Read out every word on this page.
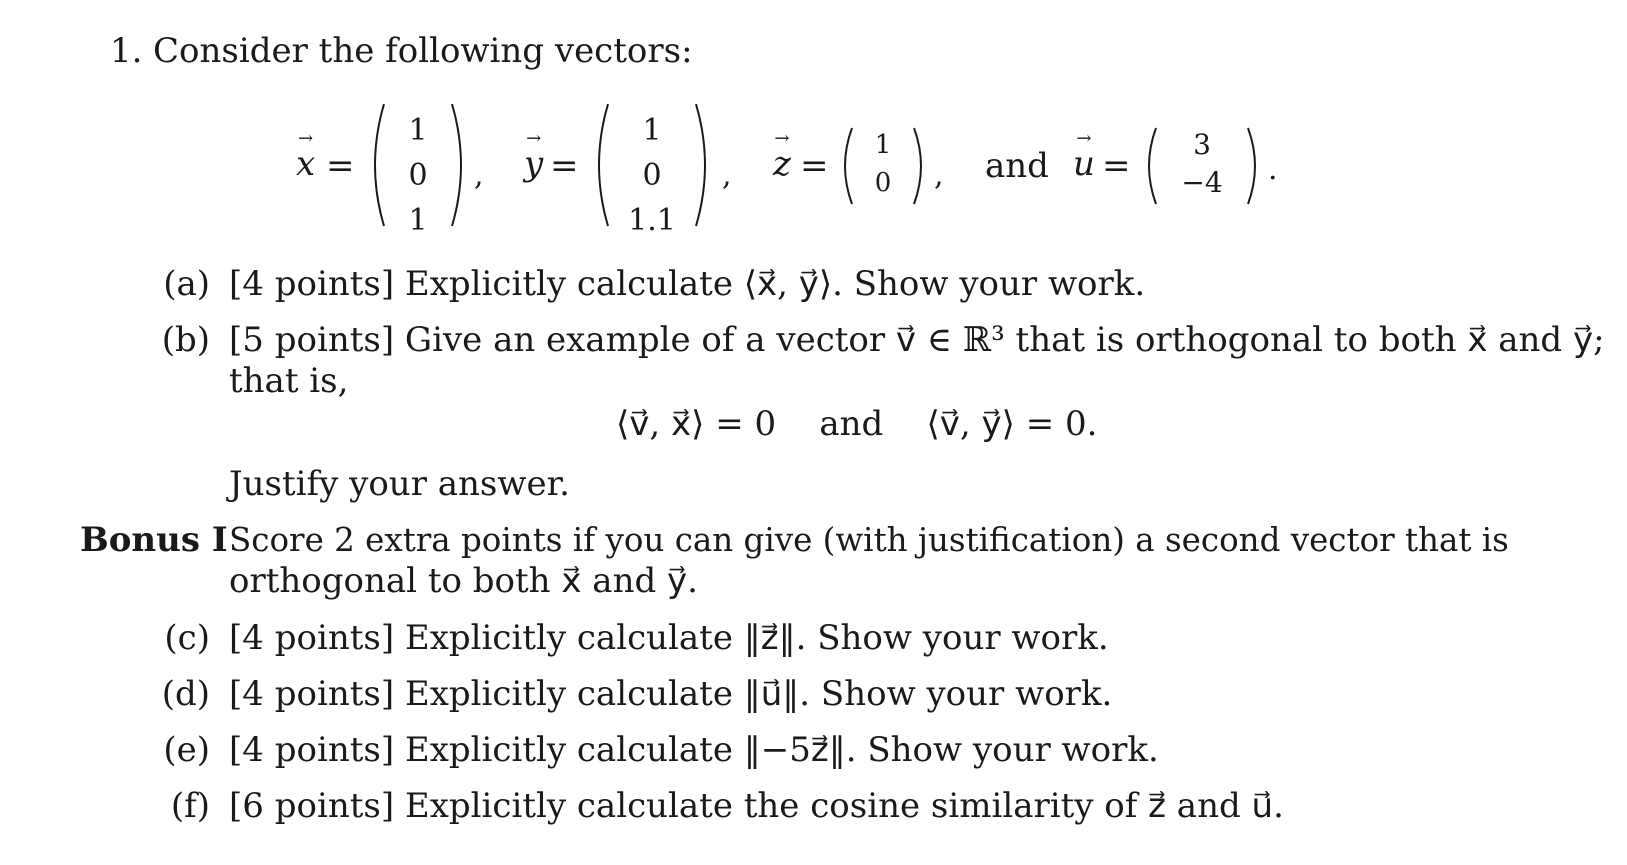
1. Consider the following vectors:
→ x =
1
0
1
, → y =
1
0
1.1
, → z =
1
0	, and → u =
3
−4	.
(a) [4 points] Explicitly calculate ⟨x⃗, y⃗⟩. Show your work.
(b) [5 points] Give an example of a vector v⃗ ∈ ℝ³ that is orthogonal to both x⃗ and y⃗;
that is,
⟨v⃗, x⃗⟩ = 0    and    ⟨v⃗, y⃗⟩ = 0.
Justify your answer.
Bonus I Score 2 extra points if you can give (with justification) a second vector that is
orthogonal to both x⃗ and y⃗.
(c) [4 points] Explicitly calculate ‖z⃗‖. Show your work.
(d) [4 points] Explicitly calculate ‖u⃗‖. Show your work.
(e) [4 points] Explicitly calculate ‖−5z⃗‖. Show your work.
(f) [6 points] Explicitly calculate the cosine similarity of z⃗ and u⃗.
